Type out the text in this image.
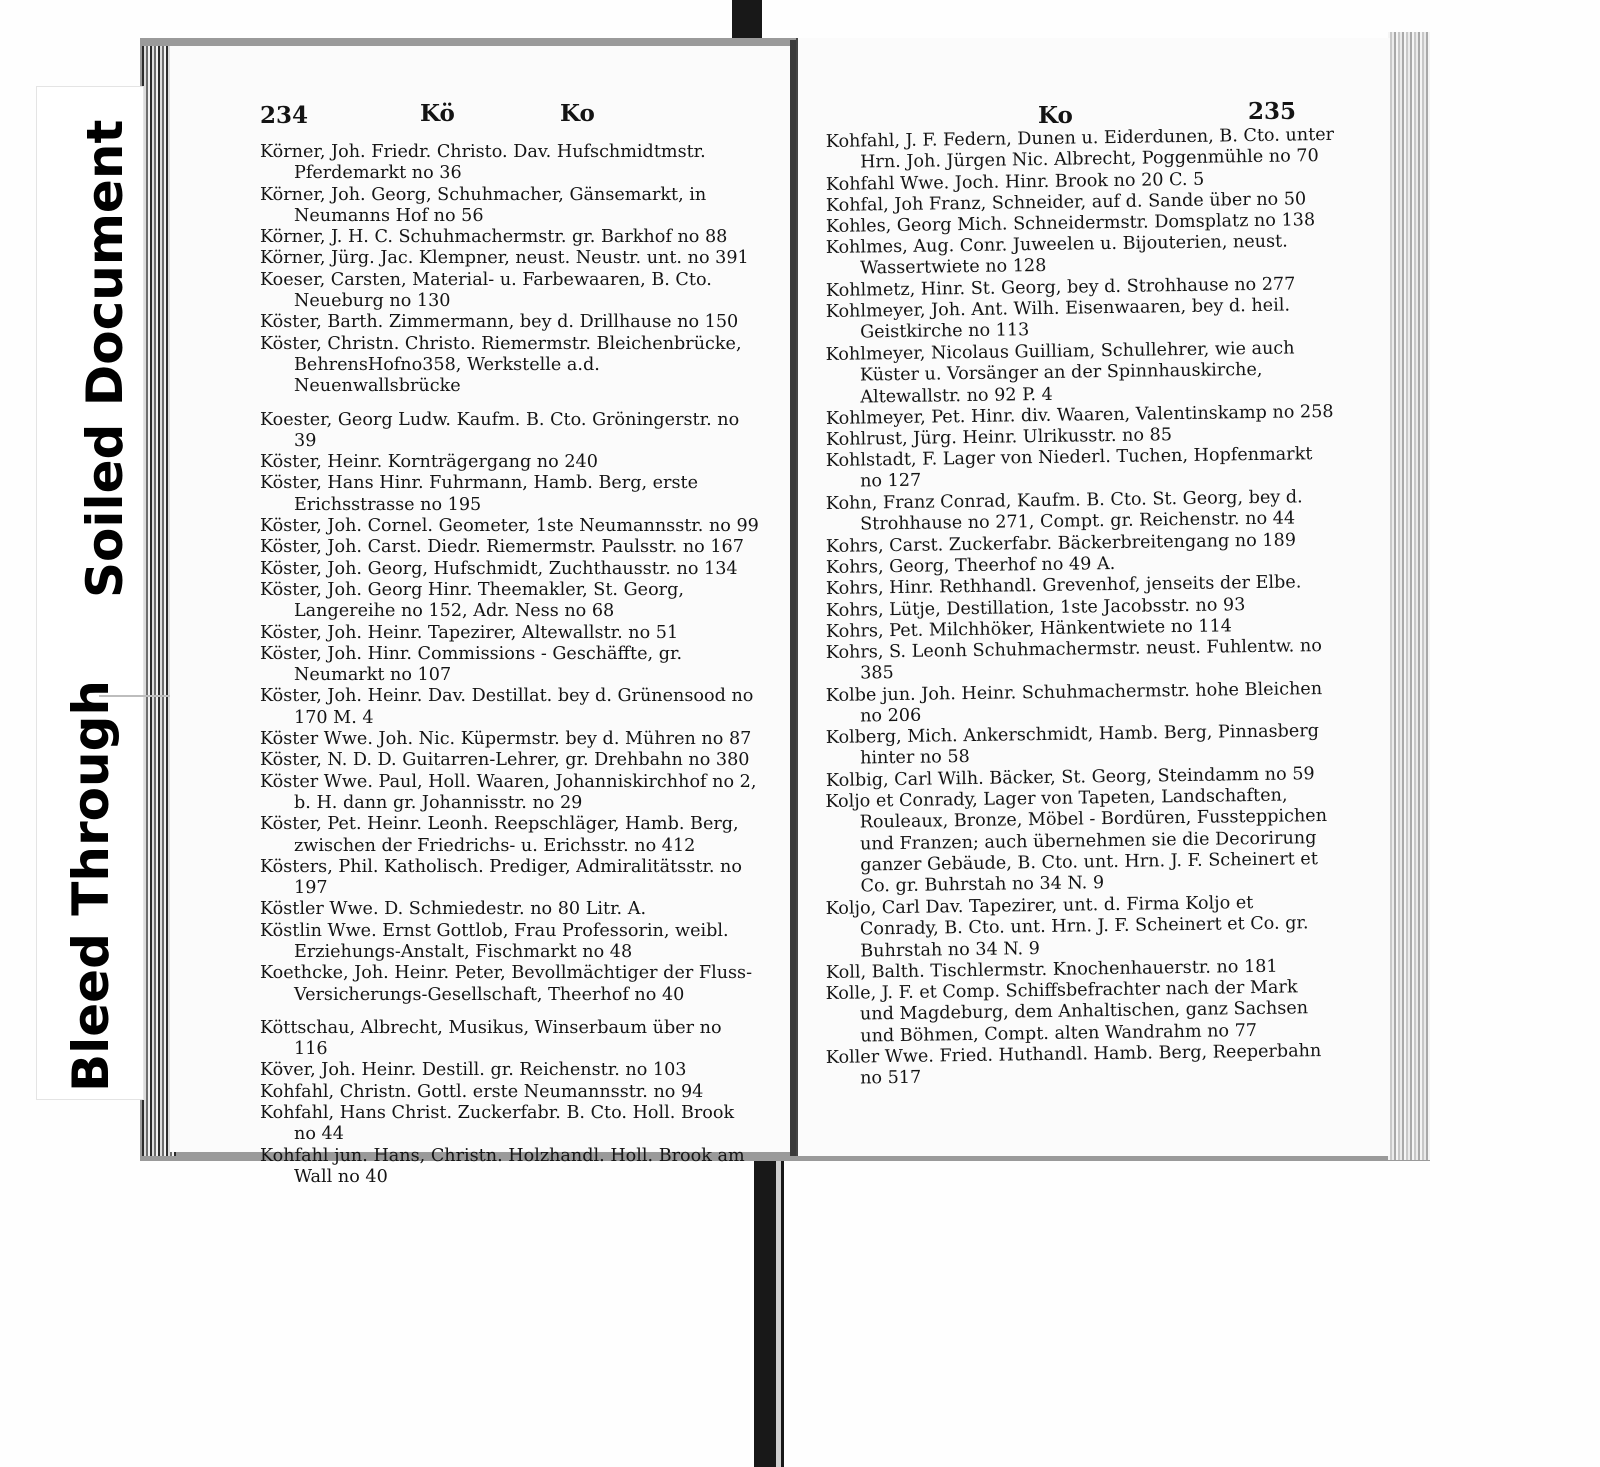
Soiled Document
Bleed Through
234	Kö	Ko
Körner, Joh. Friedr. Christo. Dav. Hufschmidtmstr. Pferdemarkt no 36
Körner, Joh. Georg, Schuhmacher, Gänsemarkt, in Neumanns Hof no 56
Körner, J. H. C. Schuhmachermstr. gr. Barkhof no 88
Körner, Jürg. Jac. Klempner, neust. Neustr. unt. no 391
Koeser, Carsten, Material- u. Farbewaaren, B. Cto. Neueburg no 130
Köster, Barth. Zimmermann, bey d. Drillhause no 150
Köster, Christn. Christo. Riemermstr. Bleichenbrücke, BehrensHofno358, Werkstelle a.d. Neuenwallsbrücke
Koester, Georg Ludw. Kaufm. B. Cto. Gröningerstr. no 39
Köster, Heinr. Kornträgergang no 240
Köster, Hans Hinr. Fuhrmann, Hamb. Berg, erste Erichsstrasse no 195
Köster, Joh. Cornel. Geometer, 1ste Neumannsstr. no 99
Köster, Joh. Carst. Diedr. Riemermstr. Paulsstr. no 167
Köster, Joh. Georg, Hufschmidt, Zuchthausstr. no 134
Köster, Joh. Georg Hinr. Theemakler, St. Georg, Langereihe no 152, Adr. Ness no 68
Köster, Joh. Heinr. Tapezirer, Altewallstr. no 51
Köster, Joh. Hinr. Commissions - Geschäffte, gr. Neumarkt no 107
Köster, Joh. Heinr. Dav. Destillat. bey d. Grünensood no 170 M. 4
Köster Wwe. Joh. Nic. Küpermstr. bey d. Mühren no 87
Köster, N. D. D. Guitarren-Lehrer, gr. Drehbahn no 380
Köster Wwe. Paul, Holl. Waaren, Johanniskirchhof no 2, b. H. dann gr. Johannisstr. no 29
Köster, Pet. Heinr. Leonh. Reepschläger, Hamb. Berg, zwischen der Friedrichs- u. Erichsstr. no 412
Kösters, Phil. Katholisch. Prediger, Admiralitätsstr. no 197
Köstler Wwe. D. Schmiedestr. no 80 Litr. A.
Köstlin Wwe. Ernst Gottlob, Frau Professorin, weibl. Erziehungs-Anstalt, Fischmarkt no 48
Koethcke, Joh. Heinr. Peter, Bevollmächtiger der Fluss-Versicherungs-Gesellschaft, Theerhof no 40
Köttschau, Albrecht, Musikus, Winserbaum über no 116
Köver, Joh. Heinr. Destill. gr. Reichenstr. no 103
Kohfahl, Christn. Gottl. erste Neumannsstr. no 94
Kohfahl, Hans Christ. Zuckerfabr. B. Cto. Holl. Brook no 44
Kohfahl jun. Hans, Christn. Holzhandl. Holl. Brook am Wall no 40
Ko	235
Kohfahl, J. F. Federn, Dunen u. Eiderdunen, B. Cto. unter Hrn. Joh. Jürgen Nic. Albrecht, Poggenmühle no 70
Kohfahl Wwe. Joch. Hinr. Brook no 20 C. 5
Kohfal, Joh Franz, Schneider, auf d. Sande über no 50
Kohles, Georg Mich. Schneidermstr. Domsplatz no 138
Kohlmes, Aug. Conr. Juweelen u. Bijouterien, neust. Wassertwiete no 128
Kohlmetz, Hinr. St. Georg, bey d. Strohhause no 277
Kohlmeyer, Joh. Ant. Wilh. Eisenwaaren, bey d. heil. Geistkirche no 113
Kohlmeyer, Nicolaus Guilliam, Schullehrer, wie auch Küster u. Vorsänger an der Spinnhauskirche, Altewallstr. no 92 P. 4
Kohlmeyer, Pet. Hinr. div. Waaren, Valentinskamp no 258
Kohlrust, Jürg. Heinr. Ulrikusstr. no 85
Kohlstadt, F. Lager von Niederl. Tuchen, Hopfenmarkt no 127
Kohn, Franz Conrad, Kaufm. B. Cto. St. Georg, bey d. Strohhause no 271, Compt. gr. Reichenstr. no 44
Kohrs, Carst. Zuckerfabr. Bäckerbreitengang no 189
Kohrs, Georg, Theerhof no 49 A.
Kohrs, Hinr. Rethhandl. Grevenhof, jenseits der Elbe.
Kohrs, Lütje, Destillation, 1ste Jacobsstr. no 93
Kohrs, Pet. Milchhöker, Hänkentwiete no 114
Kohrs, S. Leonh Schuhmachermstr. neust. Fuhlentw. no 385
Kolbe jun. Joh. Heinr. Schuhmachermstr. hohe Bleichen no 206
Kolberg, Mich. Ankerschmidt, Hamb. Berg, Pinnasberg hinter no 58
Kolbig, Carl Wilh. Bäcker, St. Georg, Steindamm no 59
Koljo et Conrady, Lager von Tapeten, Landschaften, Rouleaux, Bronze, Möbel - Bordüren, Fussteppichen und Franzen; auch übernehmen sie die Decorirung ganzer Gebäude, B. Cto. unt. Hrn. J. F. Scheinert et Co. gr. Buhrstah no 34 N. 9
Koljo, Carl Dav. Tapezirer, unt. d. Firma Koljo et Conrady, B. Cto. unt. Hrn. J. F. Scheinert et Co. gr. Buhrstah no 34 N. 9
Koll, Balth. Tischlermstr. Knochenhauerstr. no 181
Kolle, J. F. et Comp. Schiffsbefrachter nach der Mark und Magdeburg, dem Anhaltischen, ganz Sachsen und Böhmen, Compt. alten Wandrahm no 77
Koller Wwe. Fried. Huthandl. Hamb. Berg, Reeperbahn no 517
